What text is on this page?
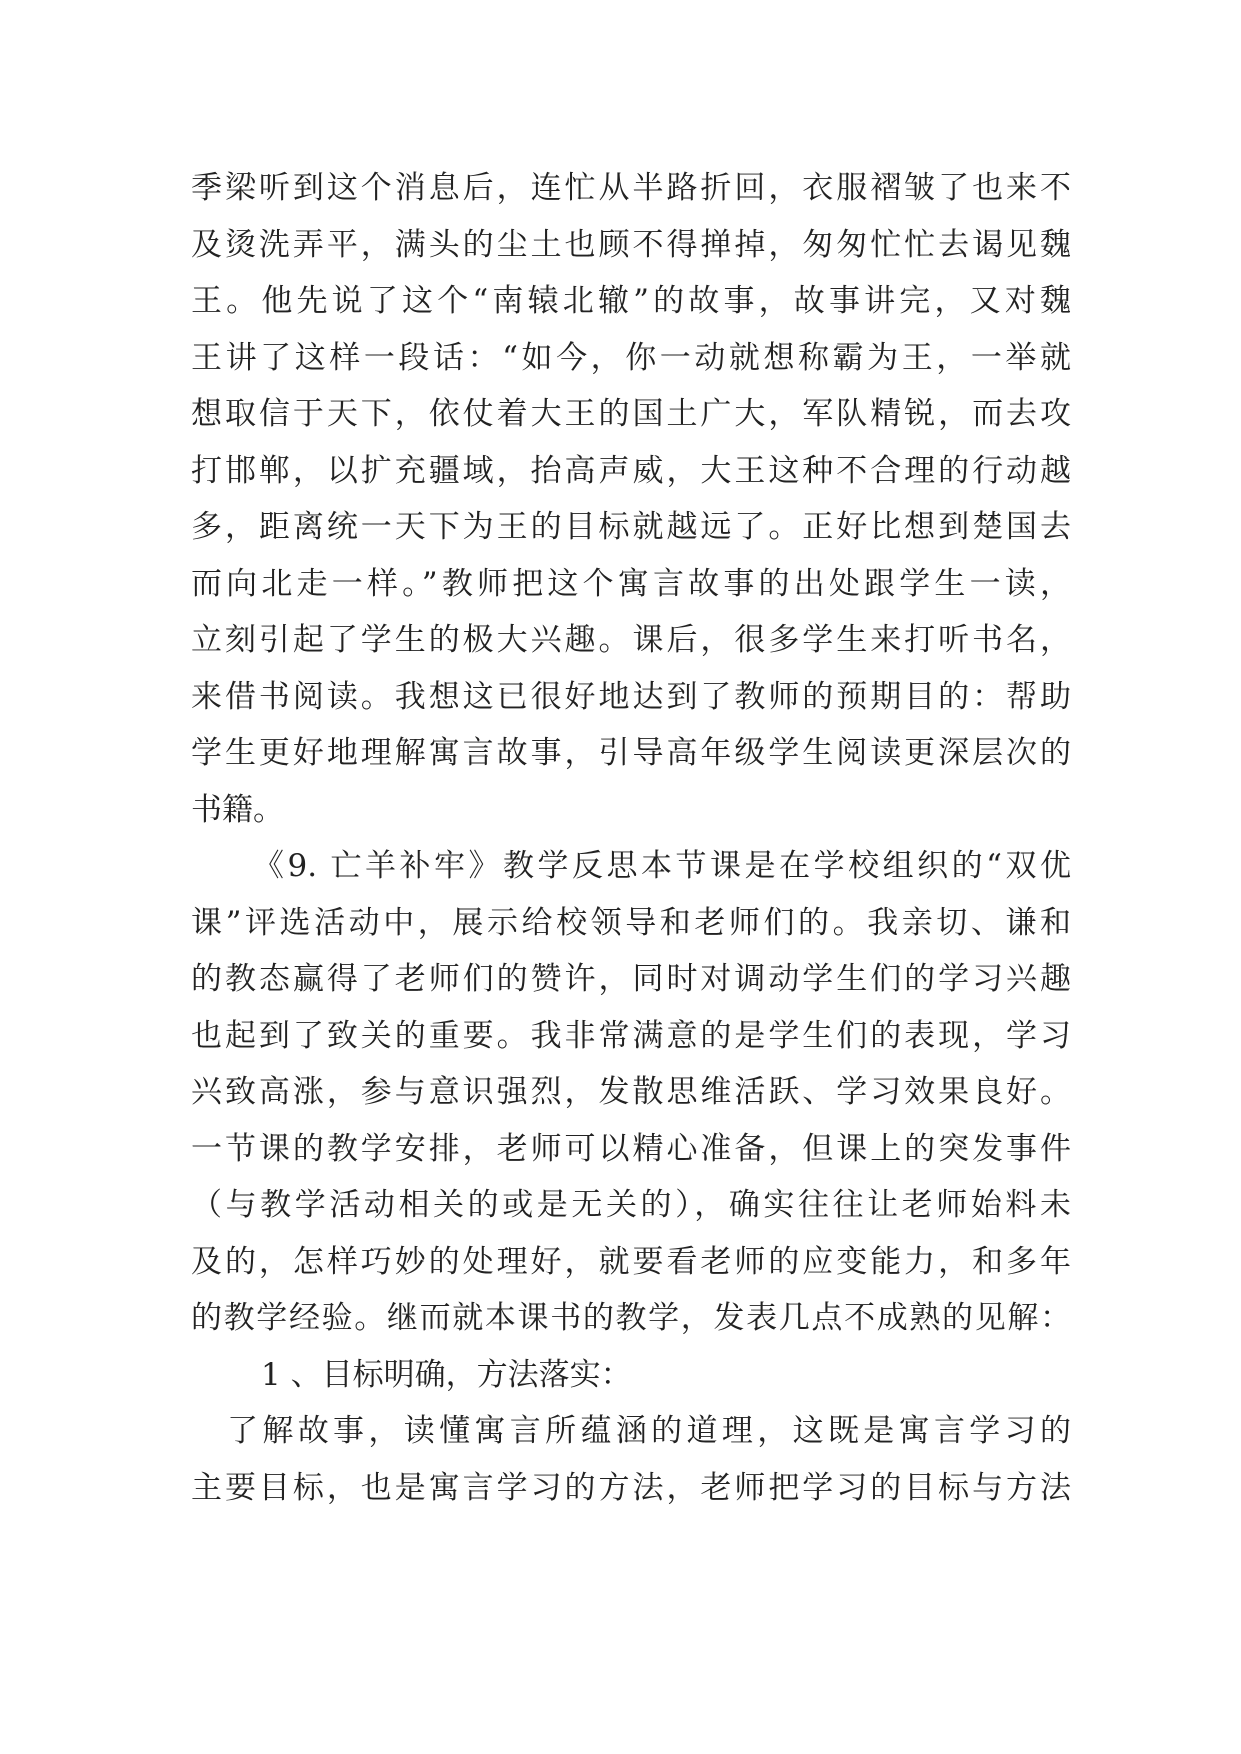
季梁听到这个消息后，连忙从半路折回，衣服褶皱了也来不
及烫洗弄平，满头的尘土也顾不得掸掉，匆匆忙忙去谒见魏
王。他先说了这个“南辕北辙”的故事，故事讲完，又对魏
王讲了这样一段话：“如今，你一动就想称霸为王，一举就
想取信于天下，依仗着大王的国土广大，军队精锐，而去攻
打邯郸，以扩充疆域，抬高声威，大王这种不合理的行动越
多，距离统一天下为王的目标就越远了。正好比想到楚国去
而向北走一样。”教师把这个寓言故事的出处跟学生一读，
立刻引起了学生的极大兴趣。课后，很多学生来打听书名，
来借书阅读。我想这已很好地达到了教师的预期目的：帮助
学生更好地理解寓言故事，引导高年级学生阅读更深层次的
书籍。
《9. 亡羊补牢》教学反思本节课是在学校组织的“双优
课”评选活动中，展示给校领导和老师们的。我亲切、谦和
的教态赢得了老师们的赞许，同时对调动学生们的学习兴趣
也起到了致关的重要。我非常满意的是学生们的表现，学习
兴致高涨，参与意识强烈，发散思维活跃、学习效果良好。
一节课的教学安排，老师可以精心准备，但课上的突发事件
（与教学活动相关的或是无关的），确实往往让老师始料未
及的，怎样巧妙的处理好，就要看老师的应变能力，和多年
的教学经验。继而就本课书的教学，发表几点不成熟的见解：
1 、目标明确，方法落实：
了解故事，读懂寓言所蕴涵的道理，这既是寓言学习的
主要目标，也是寓言学习的方法，老师把学习的目标与方法
